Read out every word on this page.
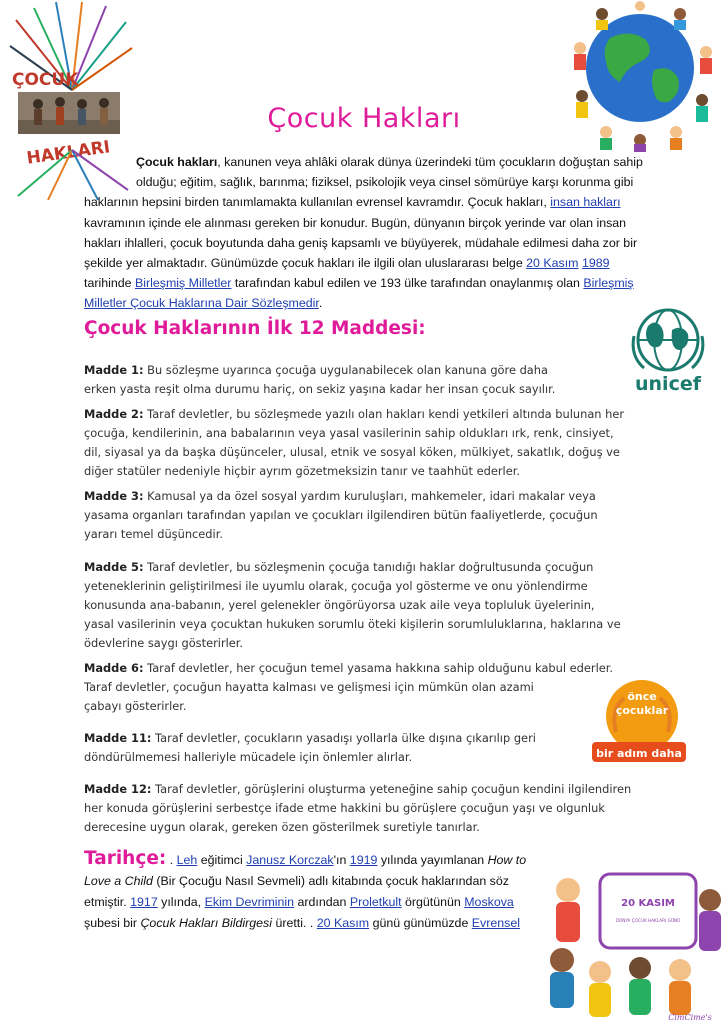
ÇOCUK
HAKLARI
Çocuk Hakları
Çocuk hakları, kanunen veya ahlâki olarak dünya üzerindeki tüm çocukların doğuştan sahip
olduğu; eğitim, sağlık, barınma; fiziksel, psikolojik veya cinsel sömürüye karşı korunma gibi
haklarının hepsini birden tanımlamakta kullanılan evrensel kavramdır. Çocuk hakları, insan hakları
kavramının içinde ele alınması gereken bir konudur. Bugün, dünyanın birçok yerinde var olan insan
hakları ihlalleri, çocuk boyutunda daha geniş kapsamlı ve büyüyerek, müdahale edilmesi daha zor bir
şekilde yer almaktadır. Günümüzde çocuk hakları ile ilgili olan uluslararası belge 20 Kasım 1989
tarihinde Birleşmiş Milletler tarafından kabul edilen ve 193 ülke tarafından onaylanmış olan Birleşmiş
Milletler Çocuk Haklarına Dair Sözleşmedir.
Çocuk Haklarının İlk 12 Maddesi:
unicef
Madde 1: Bu sözleşme uyarınca çocuğa uygulanabilecek olan kanuna göre daha
erken yasta reşit olma durumu hariç, on sekiz yaşına kadar her insan çocuk sayılır.
Madde 2: Taraf devletler, bu sözleşmede yazılı olan hakları kendi yetkileri altında bulunan her
çocuğa, kendilerinin, ana babalarının veya yasal vasilerinin sahip oldukları ırk, renk, cinsiyet,
dil, siyasal ya da başka düşünceler, ulusal, etnik ve sosyal köken, mülkiyet, sakatlık, doğuş ve
diğer statüler nedeniyle hiçbir ayrım gözetmeksizin tanır ve taahhüt ederler.
Madde 3: Kamusal ya da özel sosyal yardım kuruluşları, mahkemeler, idari makalar veya
yasama organları tarafından yapılan ve çocukları ilgilendiren bütün faaliyetlerde, çocuğun
yararı temel düşüncedir.
Madde 5: Taraf devletler, bu sözleşmenin çocuğa tanıdığı haklar doğrultusunda çocuğun
yeteneklerinin geliştirilmesi ile uyumlu olarak, çocuğa yol gösterme ve onu yönlendirme
konusunda ana-babanın, yerel gelenekler öngörüyorsa uzak aile veya topluluk üyelerinin,
yasal vasilerinin veya çocuktan hukuken sorumlu öteki kişilerin sorumluluklarına, haklarına ve
ödevlerine saygı gösterirler.
Madde 6: Taraf devletler, her çocuğun temel yasama hakkına sahip olduğunu kabul ederler.
Taraf devletler, çocuğun hayatta kalması ve gelişmesi için mümkün olan azami
çabayı gösterirler.
önce
çocuklar
bir adım daha
Madde 11: Taraf devletler, çocukların yasadışı yollarla ülke dışına çıkarılıp geri
döndürülmemesi halleriyle mücadele için önlemler alırlar.
Madde 12: Taraf devletler, görüşlerini oluşturma yeteneğine sahip çocuğun kendini ilgilendiren
her konuda görüşlerini serbestçe ifade etme hakkini bu görüşlere çocuğun yaşı ve olgunluk
derecesine uygun olarak, gereken özen gösterilmek suretiyle tanırlar.
Tarihçe: . Leh eğitimci Janusz Korczak'ın 1919 yılında yayımlanan How to Love a Child (Bir Çocuğu Nasıl Sevmeli) adlı kitabında çocuk haklarından söz etmiştir. 1917 yılında, Ekim Devriminin ardından Proletkult örgütünün Moskova şubesi bir Çocuk Hakları Bildirgesi üretti. . 20 Kasım günü günümüzde Evrensel
20 KASIM
DÜNYA ÇOCUK HAKLARI GÜNÜ
CimCime's
